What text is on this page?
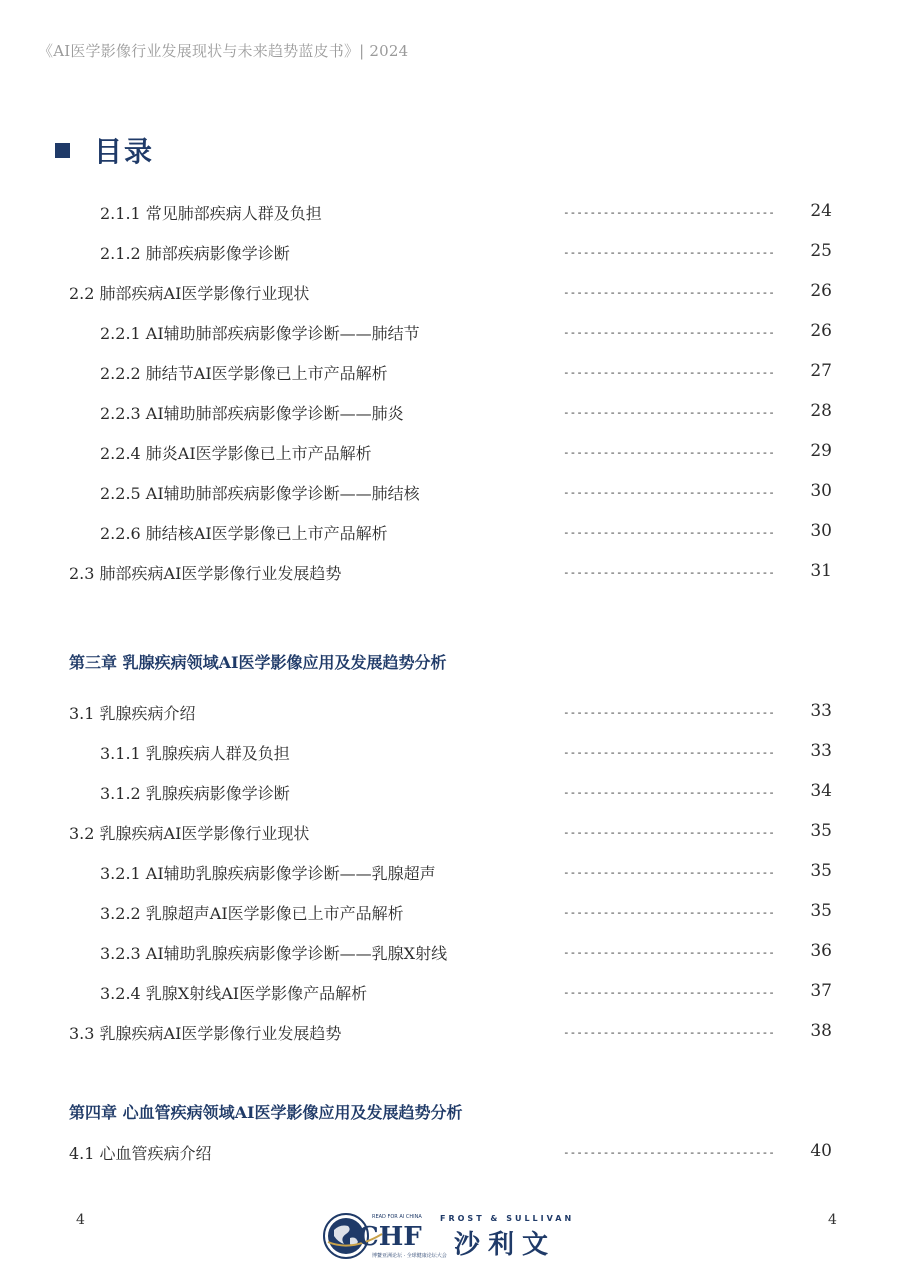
《AI医学影像行业发展现状与未来趋势蓝皮书》| 2024
目录
2.1.1 常见肺部疾病人群及负担	-------------------------------- 24
2.1.2 肺部疾病影像学诊断	-------------------------------- 25
2.2 肺部疾病AI医学影像行业现状	-------------------------------- 26
2.2.1 AI辅助肺部疾病影像学诊断——肺结节	-------------------------------- 26
2.2.2 肺结节AI医学影像已上市产品解析	-------------------------------- 27
2.2.3 AI辅助肺部疾病影像学诊断——肺炎	-------------------------------- 28
2.2.4 肺炎AI医学影像已上市产品解析	-------------------------------- 29
2.2.5 AI辅助肺部疾病影像学诊断——肺结核	-------------------------------- 30
2.2.6 肺结核AI医学影像已上市产品解析	-------------------------------- 30
2.3 肺部疾病AI医学影像行业发展趋势	-------------------------------- 31
第三章 乳腺疾病领域AI医学影像应用及发展趋势分析
3.1 乳腺疾病介绍	-------------------------------- 33
3.1.1 乳腺疾病人群及负担	-------------------------------- 33
3.1.2 乳腺疾病影像学诊断	-------------------------------- 34
3.2 乳腺疾病AI医学影像行业现状	-------------------------------- 35
3.2.1 AI辅助乳腺疾病影像学诊断——乳腺超声	-------------------------------- 35
3.2.2 乳腺超声AI医学影像已上市产品解析	-------------------------------- 35
3.2.3 AI辅助乳腺疾病影像学诊断——乳腺X射线	-------------------------------- 36
3.2.4 乳腺X射线AI医学影像产品解析	-------------------------------- 37
3.3 乳腺疾病AI医学影像行业发展趋势	-------------------------------- 38
第四章 心血管疾病领域AI医学影像应用及发展趋势分析
4.1 心血管疾病介绍	-------------------------------- 40
4	4
READ FOR AI CHINA
CHF
博鳌亚洲论坛 · 全球健康论坛大会
FROST & SULLIVAN
沙利文
